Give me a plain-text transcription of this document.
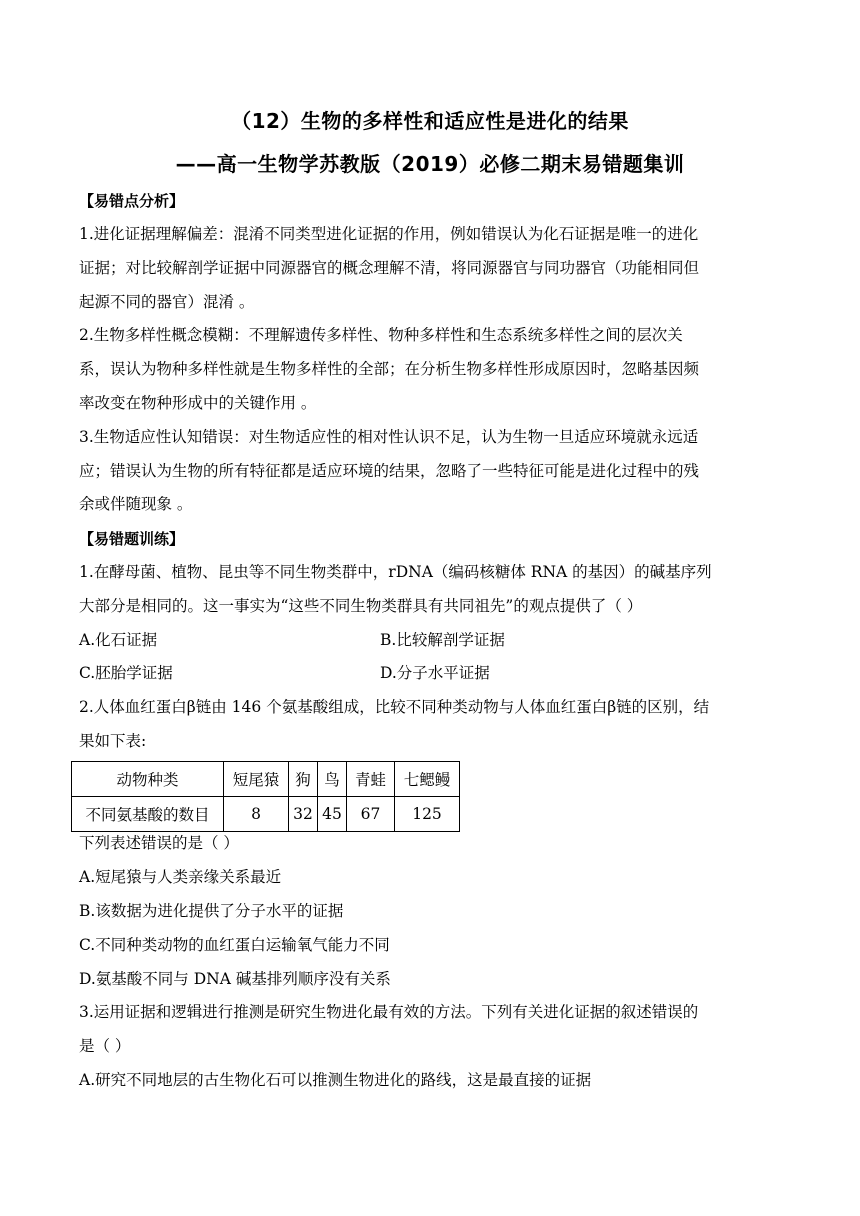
（12）生物的多样性和适应性是进化的结果
——高一生物学苏教版（2019）必修二期末易错题集训
【易错点分析】
1.进化证据理解偏差：混淆不同类型进化证据的作用，例如错误认为化石证据是唯一的进化
证据；对比较解剖学证据中同源器官的概念理解不清，将同源器官与同功器官（功能相同但
起源不同的器官）混淆 。
2.生物多样性概念模糊：不理解遗传多样性、物种多样性和生态系统多样性之间的层次关
系，误认为物种多样性就是生物多样性的全部；在分析生物多样性形成原因时，忽略基因频
率改变在物种形成中的关键作用 。
3.生物适应性认知错误：对生物适应性的相对性认识不足，认为生物一旦适应环境就永远适
应；错误认为生物的所有特征都是适应环境的结果，忽略了一些特征可能是进化过程中的残
余或伴随现象 。
【易错题训练】
1.在酵母菌、植物、昆虫等不同生物类群中，rDNA（编码核糖体 RNA 的基因）的碱基序列
大部分是相同的。这一事实为“这些不同生物类群具有共同祖先”的观点提供了（ ）
A.化石证据	B.比较解剖学证据
C.胚胎学证据	D.分子水平证据
2.人体血红蛋白β链由 146 个氨基酸组成，比较不同种类动物与人体血红蛋白β链的区别，结
果如下表:
动物种类	短尾猿	狗	鸟	青蛙	七鳃鳗
不同氨基酸的数目	8	32	45	67	125
下列表述错误的是（ ）
A.短尾猿与人类亲缘关系最近
B.该数据为进化提供了分子水平的证据
C.不同种类动物的血红蛋白运输氧气能力不同
D.氨基酸不同与 DNA 碱基排列顺序没有关系
3.运用证据和逻辑进行推测是研究生物进化最有效的方法。下列有关进化证据的叙述错误的
是（ ）
A.研究不同地层的古生物化石可以推测生物进化的路线，这是最直接的证据
